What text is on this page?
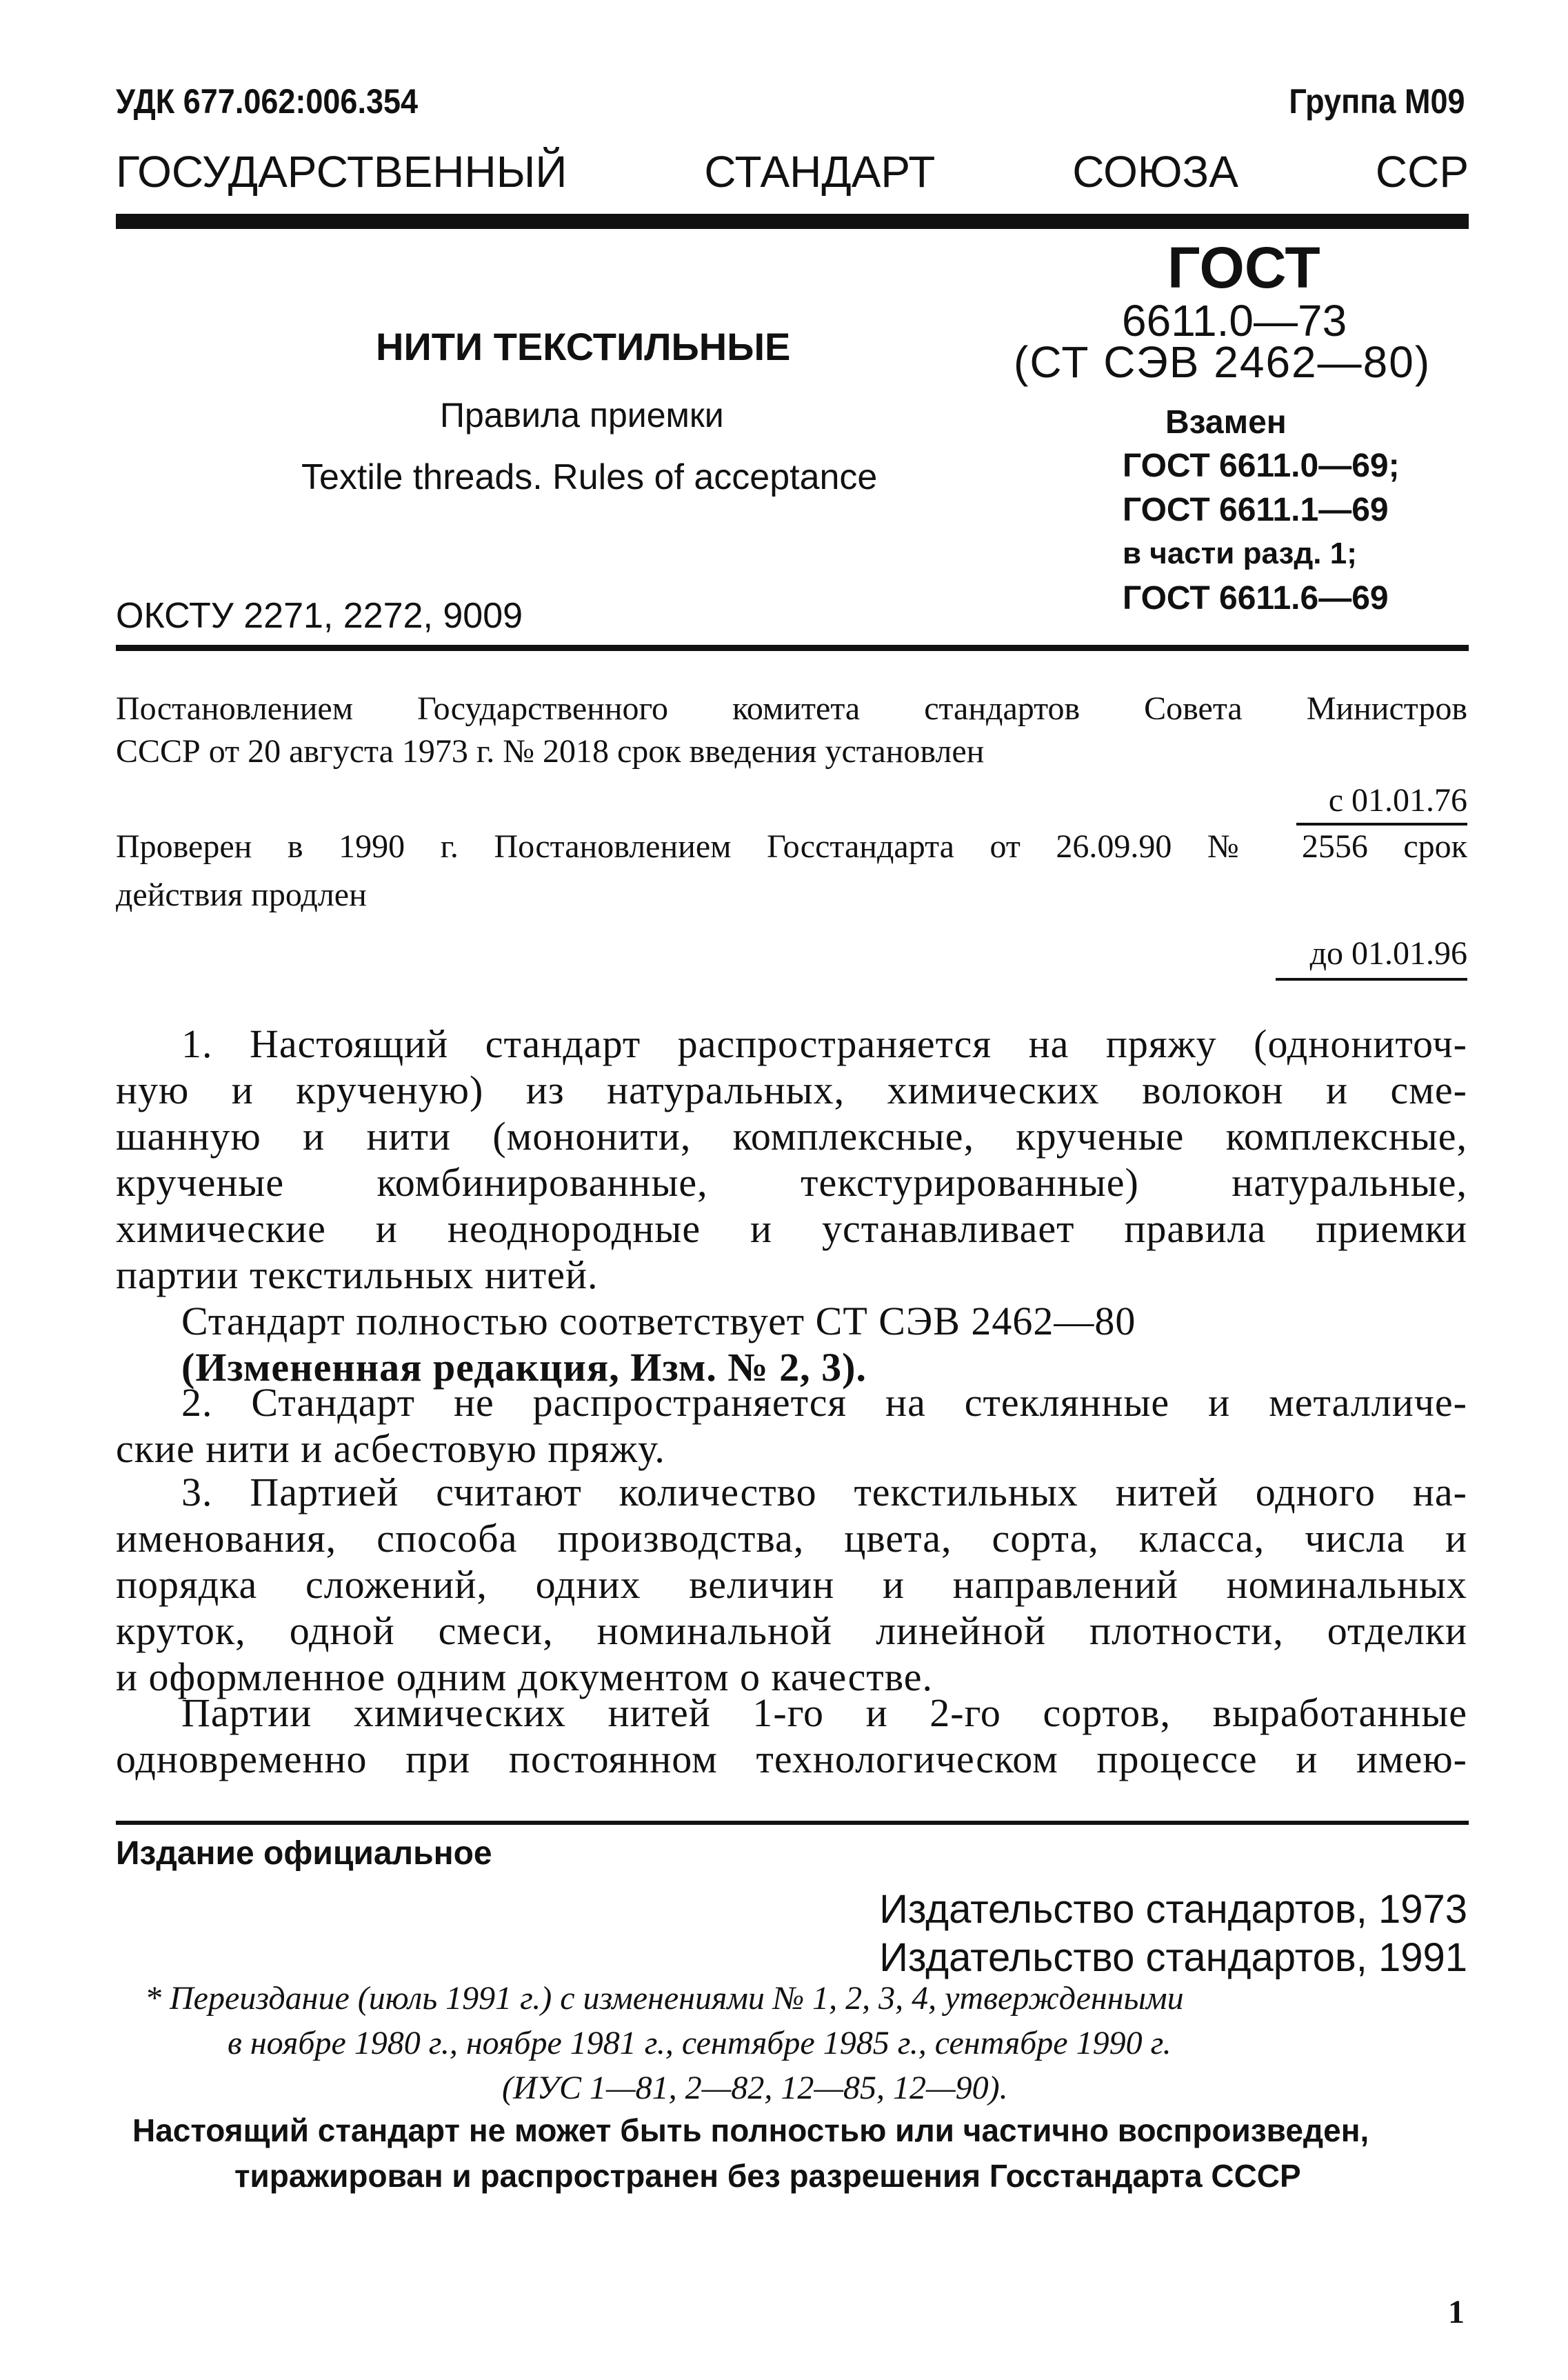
УДК 677.062:006.354	Группа М09
ГОСУДАРСТВЕННЫЙ СТАНДАРТ СОЮЗА ССР
НИТИ ТЕКСТИЛЬНЫЕ
Правила приемки
Textile threads. Rules of acceptance
ОКСТУ 2271, 2272, 9009
ГОСТ
6611.0—73
(СТ СЭВ 2462—80)
Взамен
ГОСТ 6611.0—69;
ГОСТ 6611.1—69
в части разд. 1;
ГОСТ 6611.6—69
Постановлением Государственного комитета стандартов Совета Министров
СССР от 20 августа 1973 г. № 2018 срок введения установлен
с 01.01.76
Проверен в 1990 г. Постановлением Госстандарта от 26.09.90 № 2556 срок
действия продлен
до 01.01.96
1. Настоящий стандарт распространяется на пряжу (однониточ-
ную и крученую) из натуральных, химических волокон и сме-
шанную и нити (мононити, комплексные, крученые комплексные,
крученые комбинированные, текстурированные) натуральные,
химические и неоднородные и устанавливает правила приемки
партии текстильных нитей.
Стандарт полностью соответствует СТ СЭВ 2462—80
(Измененная редакция, Изм. № 2, 3).
2. Стандарт не распространяется на стеклянные и металличе-
ские нити и асбестовую пряжу.
3. Партией считают количество текстильных нитей одного на-
именования, способа производства, цвета, сорта, класса, числа и
порядка сложений, одних величин и направлений номинальных
круток, одной смеси, номинальной линейной плотности, отделки
и оформленное одним документом о качестве.
Партии химических нитей 1-го и 2-го сортов, выработанные
одновременно при постоянном технологическом процессе и имею-
Издание официальное
Издательство стандартов, 1973
Издательство стандартов, 1991
* Переиздание (июль 1991 г.) с изменениями № 1, 2, 3, 4, утвержденными
в ноябре 1980 г., ноябре 1981 г., сентябре 1985 г., сентябре 1990 г.
(ИУС 1—81, 2—82, 12—85, 12—90).
Настоящий стандарт не может быть полностью или частично воспроизведен,
тиражирован и распространен без разрешения Госстандарта СССР
1
